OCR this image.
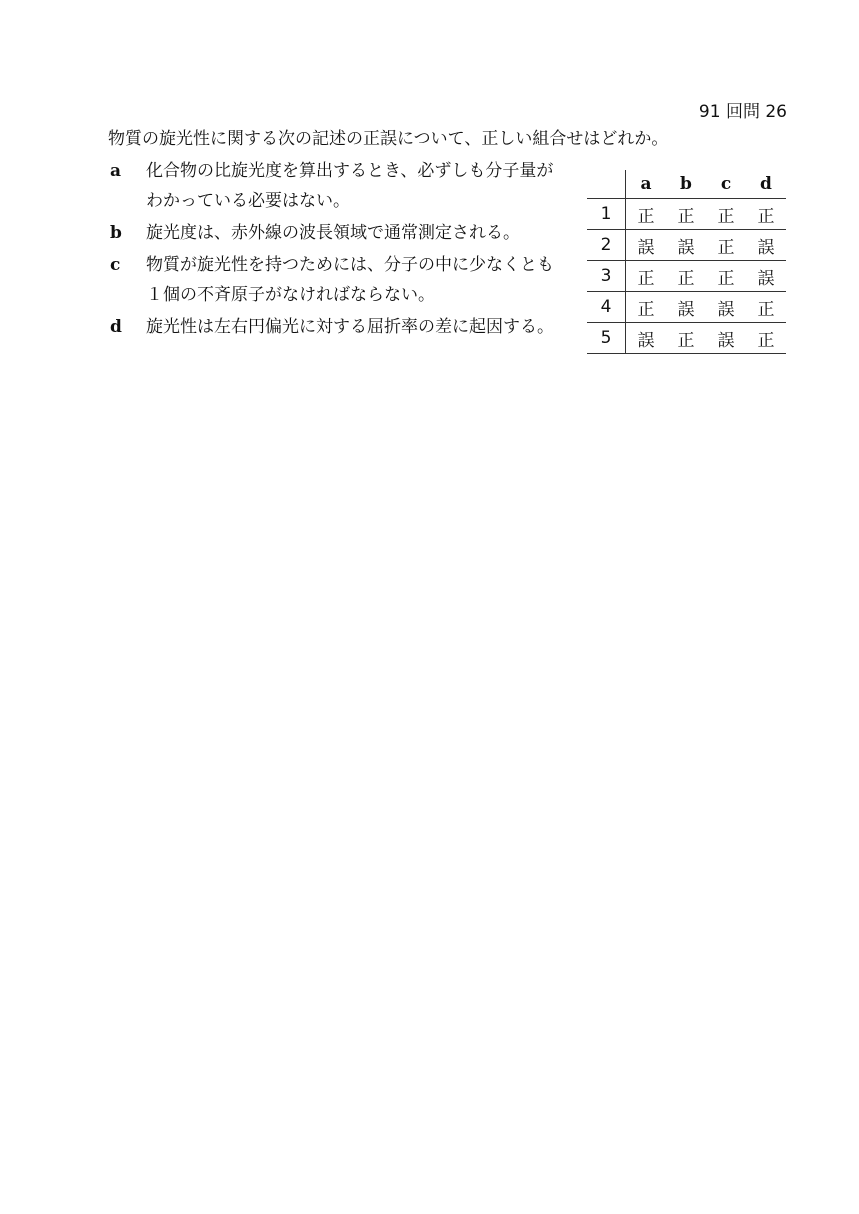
91 回問 26
物質の旋光性に関する次の記述の正誤について、正しい組合せはどれか。
a	化合物の比旋光度を算出するとき、必ずしも分子量がわかっている必要はない。
b	旋光度は、赤外線の波長領域で通常測定される。
c	物質が旋光性を持つためには、分子の中に少なくとも１個の不斉原子がなければならない。
d	旋光性は左右円偏光に対する屈折率の差に起因する。
	a	b	c	d
1	正	正	正	正
2	誤	誤	正	誤
3	正	正	正	誤
4	正	誤	誤	正
5	誤	正	誤	正
